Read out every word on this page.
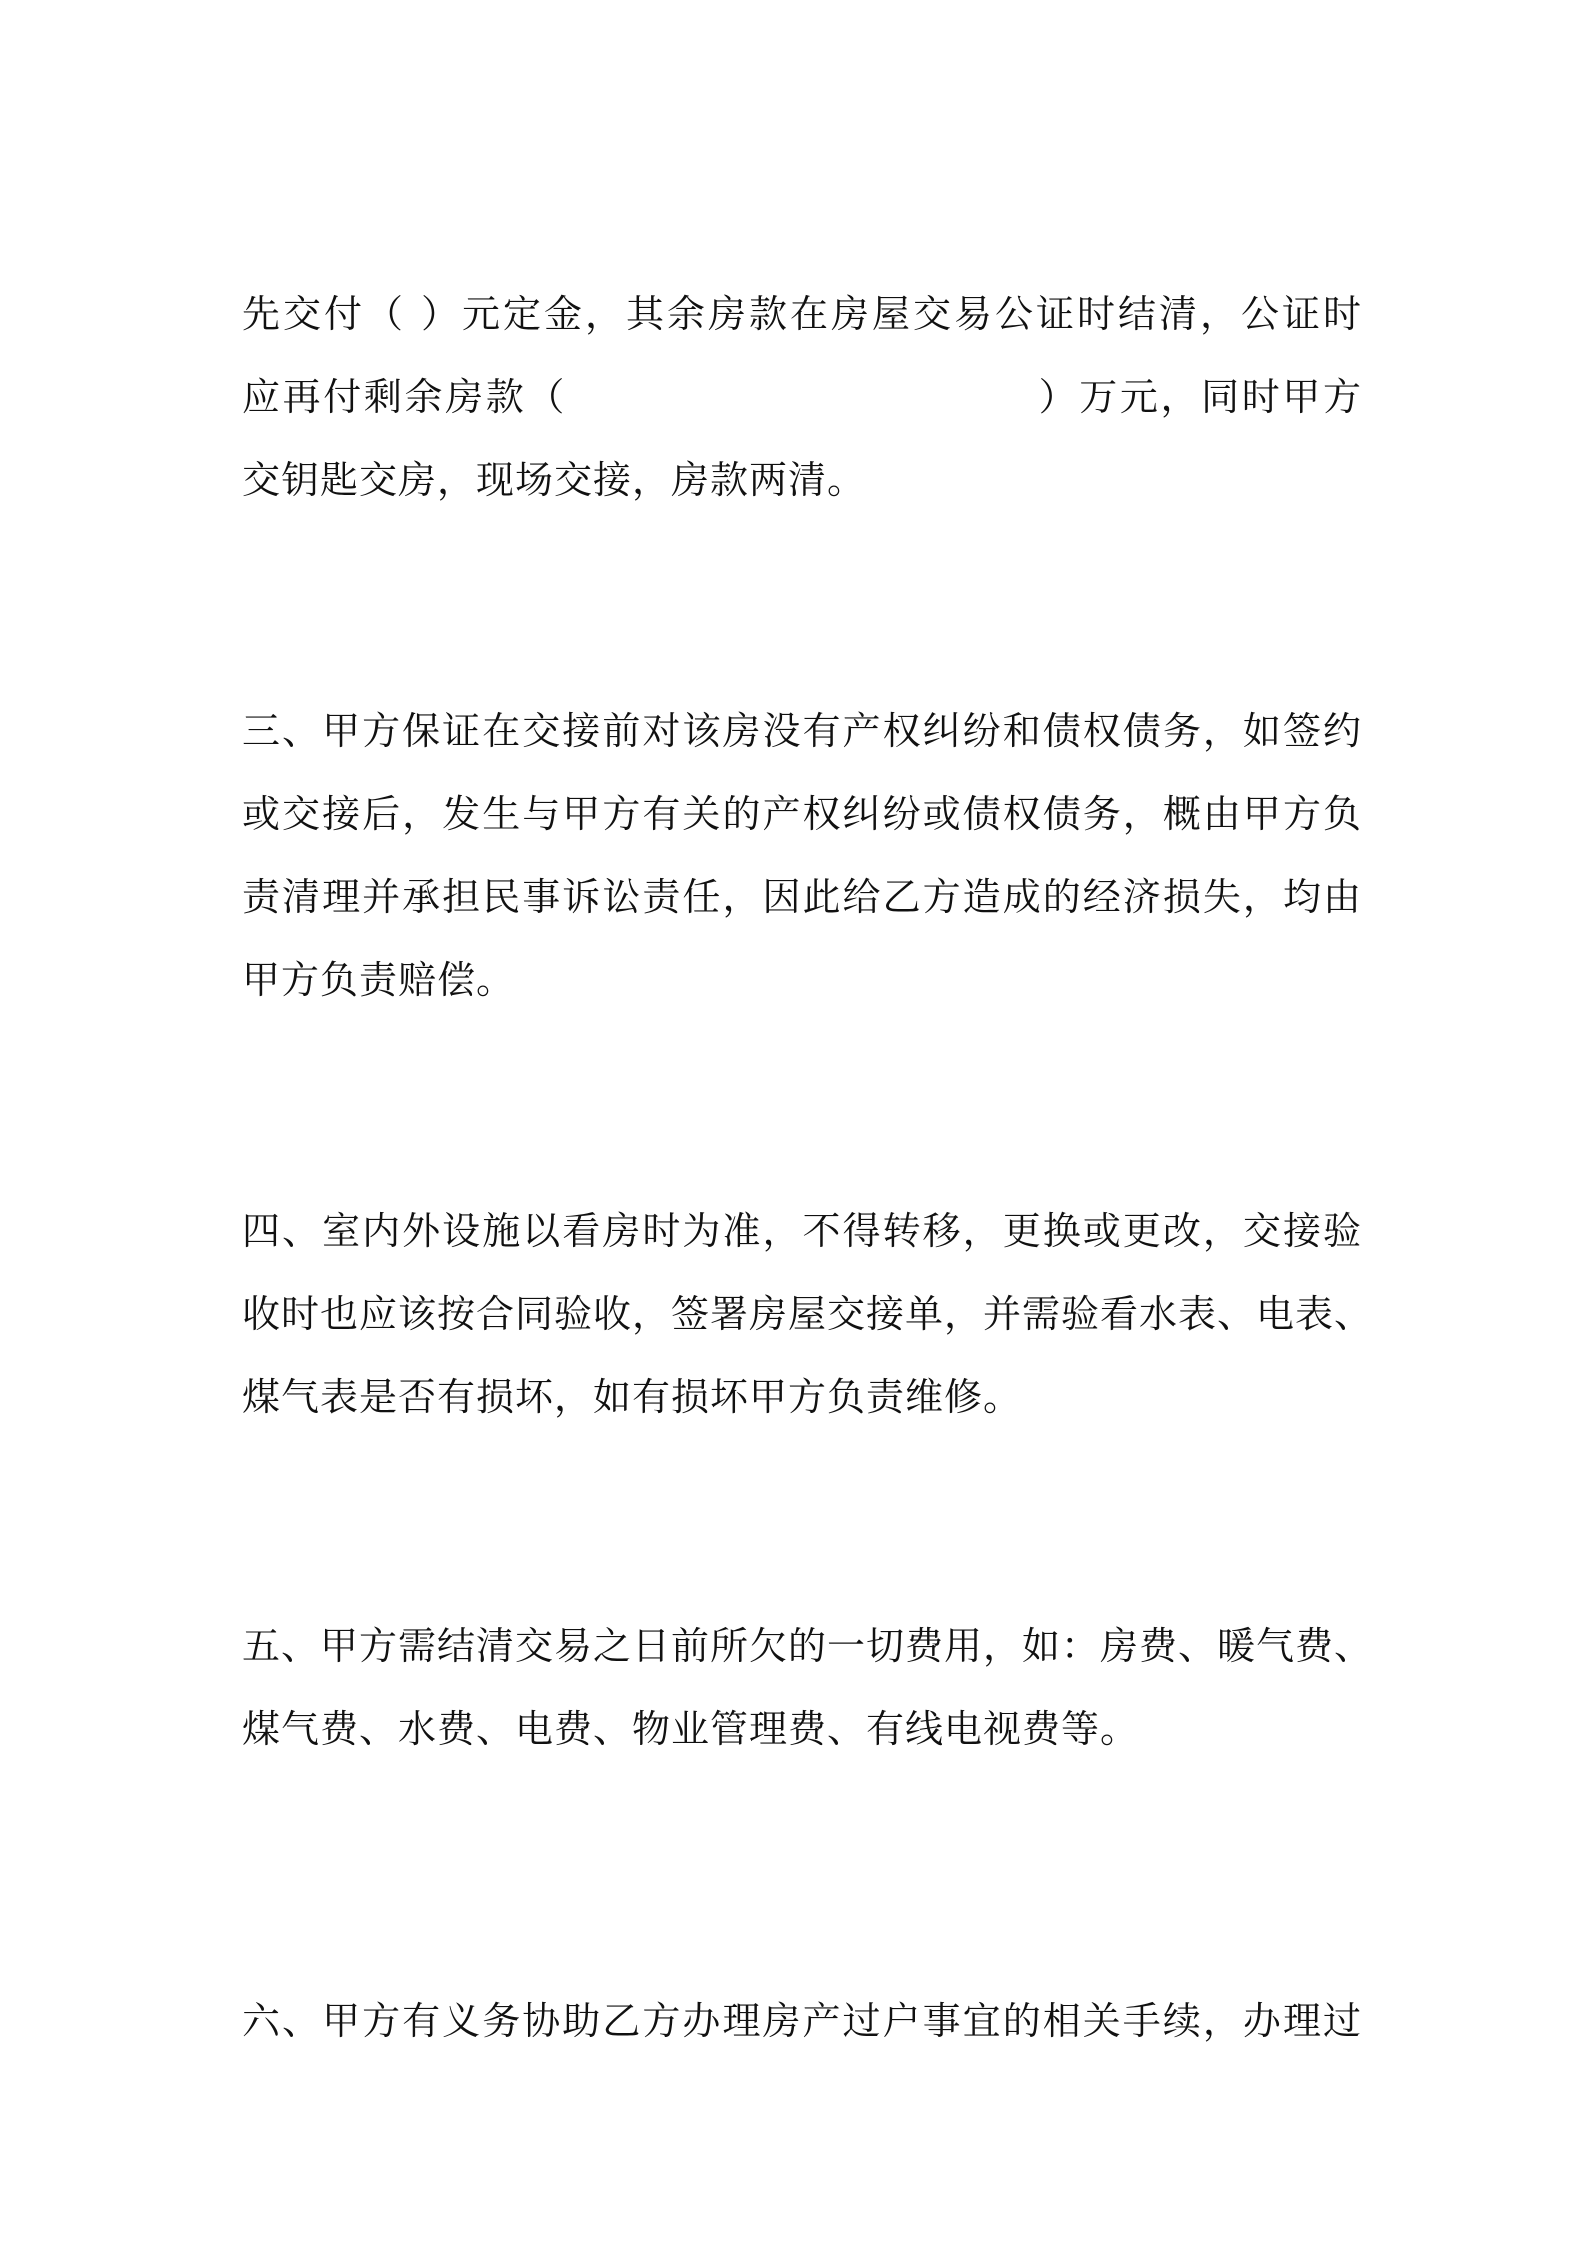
先交付（ ）元定金，其余房款在房屋交易公证时结清，公证时
应再付剩余房款（	）万元，同时甲方
交钥匙交房，现场交接，房款两清。
三、甲方保证在交接前对该房没有产权纠纷和债权债务，如签约
或交接后，发生与甲方有关的产权纠纷或债权债务，概由甲方负
责清理并承担民事诉讼责任，因此给乙方造成的经济损失，均由
甲方负责赔偿。
四、室内外设施以看房时为准，不得转移，更换或更改，交接验
收时也应该按合同验收，签署房屋交接单，并需验看水表、电表、
煤气表是否有损坏，如有损坏甲方负责维修。
五、甲方需结清交易之日前所欠的一切费用，如：房费、暖气费、
煤气费、水费、电费、物业管理费、有线电视费等。
六、甲方有义务协助乙方办理房产过户事宜的相关手续，办理过
